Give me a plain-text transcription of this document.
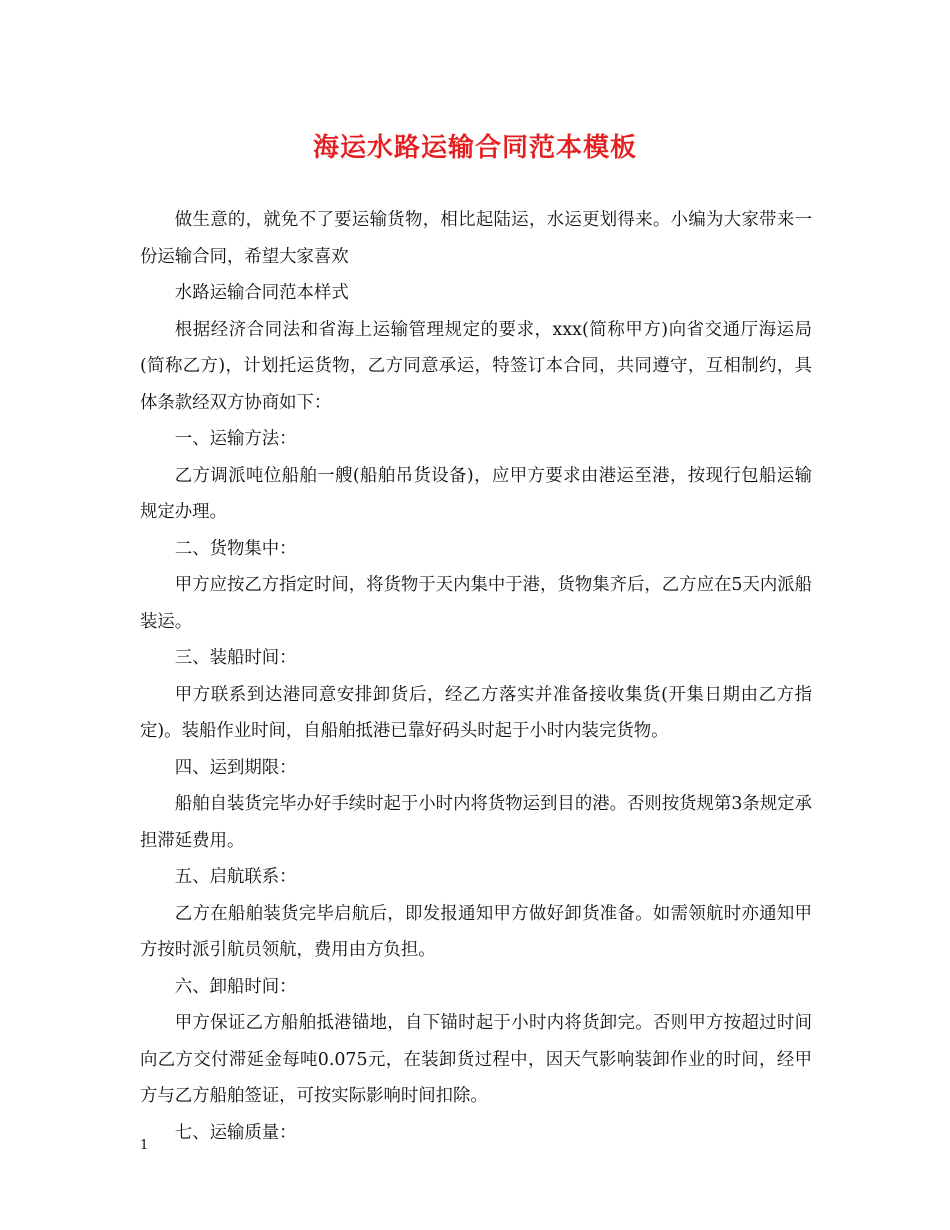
海运水路运输合同范本模板

做生意的，就免不了要运输货物，相比起陆运，水运更划得来。小编为大家带来一份运输合同，希望大家喜欢

水路运输合同范本样式

根据经济合同法和省海上运输管理规定的要求，xxx(简称甲方)向省交通厅海运局(简称乙方)，计划托运货物，乙方同意承运，特签订本合同，共同遵守，互相制约，具体条款经双方协商如下：

一、运输方法：

乙方调派吨位船舶一艘(船舶吊货设备)，应甲方要求由港运至港，按现行包船运输规定办理。

二、货物集中：

甲方应按乙方指定时间，将货物于天内集中于港，货物集齐后，乙方应在5天内派船装运。

三、装船时间：

甲方联系到达港同意安排卸货后，经乙方落实并准备接收集货(开集日期由乙方指定)。装船作业时间，自船舶抵港已靠好码头时起于小时内装完货物。

四、运到期限：

船舶自装货完毕办好手续时起于小时内将货物运到目的港。否则按货规第3条规定承担滞延费用。

五、启航联系：

乙方在船舶装货完毕启航后，即发报通知甲方做好卸货准备。如需领航时亦通知甲方按时派引航员领航，费用由方负担。

六、卸船时间：

甲方保证乙方船舶抵港锚地，自下锚时起于小时内将货卸完。否则甲方按超过时间向乙方交付滞延金每吨0.075元，在装卸货过程中，因天气影响装卸作业的时间，经甲方与乙方船舶签证，可按实际影响时间扣除。

七、运输质量：

1
